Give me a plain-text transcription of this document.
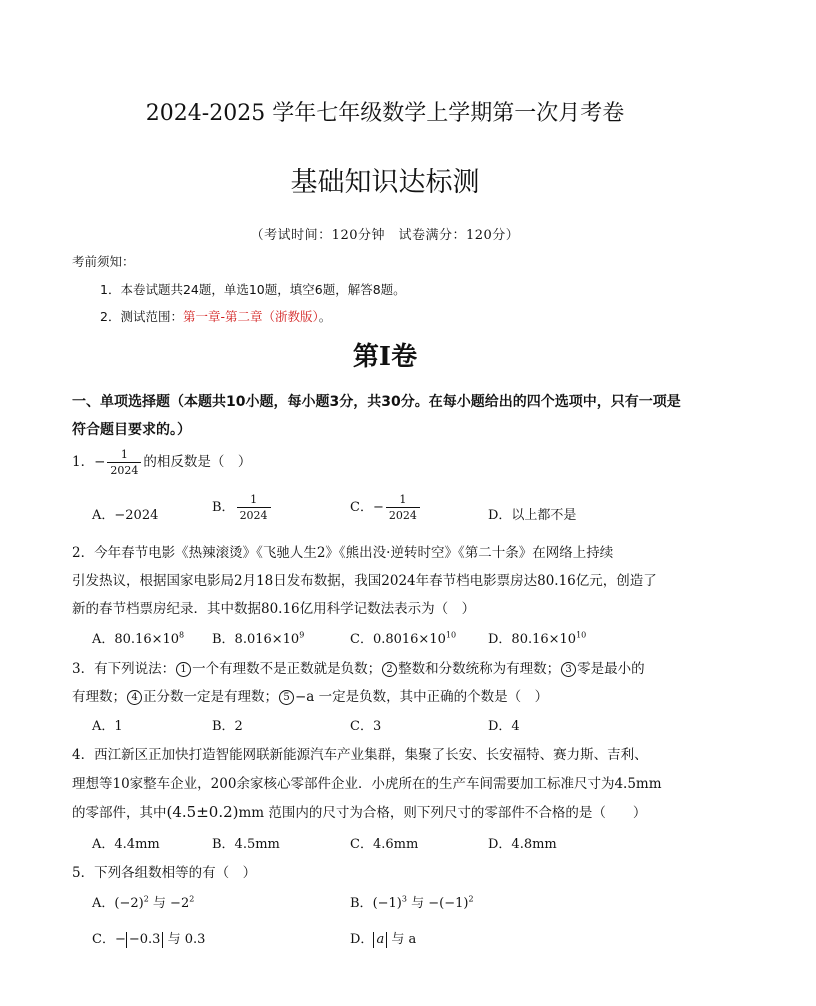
2024-2025 学年七年级数学上学期第一次月考卷
基础知识达标测
（考试时间：120分钟　试卷满分：120分）
考前须知：
1．本卷试题共24题，单选10题，填空6题，解答8题。
2．测试范围：第一章-第二章（浙教版）。
第Ⅰ卷
一、单项选择题（本题共10小题，每小题3分，共30分。在每小题给出的四个选项中，只有一项是
符合题目要求的。）
1．− $\frac{1}{2024}$ 的相反数是（　）
A．−2024
B． $\frac{1}{2024}$	C．− $\frac{1}{2024}$	D．以上都不是
2．今年春节电影《热辣滚烫》《飞驰人生2》《熊出没·逆转时空》《第二十条》在网络上持续
引发热议，根据国家电影局2月18日发布数据，我国2024年春节档电影票房达80.16亿元，创造了
新的春节档票房纪录．其中数据80.16亿用科学记数法表示为（　）
A．$80.16\times 10^8$ B．$8.016\times 10^9$	C．$0.8016\times 10^{10}$ D．$80.16\times 10^{10}$
3．有下列说法： 1 一个有理数不是正数就是负数； 2 整数和分数统称为有理数； 3 零是最小的
有理数； 4 正分数一定是有理数； 5 −a 一定是负数，其中正确的个数是（　）
A．1	B．2	C．3	D．4
4．西江新区正加快打造智能网联新能源汽车产业集群，集聚了长安、长安福特、赛力斯、吉利、
理想等10家整车企业，200余家核心零部件企业．小虎所在的生产车间需要加工标准尺寸为4.5mm
的零部件，其中(4.5±0.2)mm 范围内的尺寸为合格，则下列尺寸的零部件不合格的是（　　）
A．4.4mm	B．4.5mm	C．4.6mm	D．4.8mm
5．下列各组数相等的有（　）
A．$(-2)^2$ 与 $-2^2$	B．$(-1)^3$ 与 $-(-1)^2$
C．− −0.3 与 0.3	D． a 与 a
